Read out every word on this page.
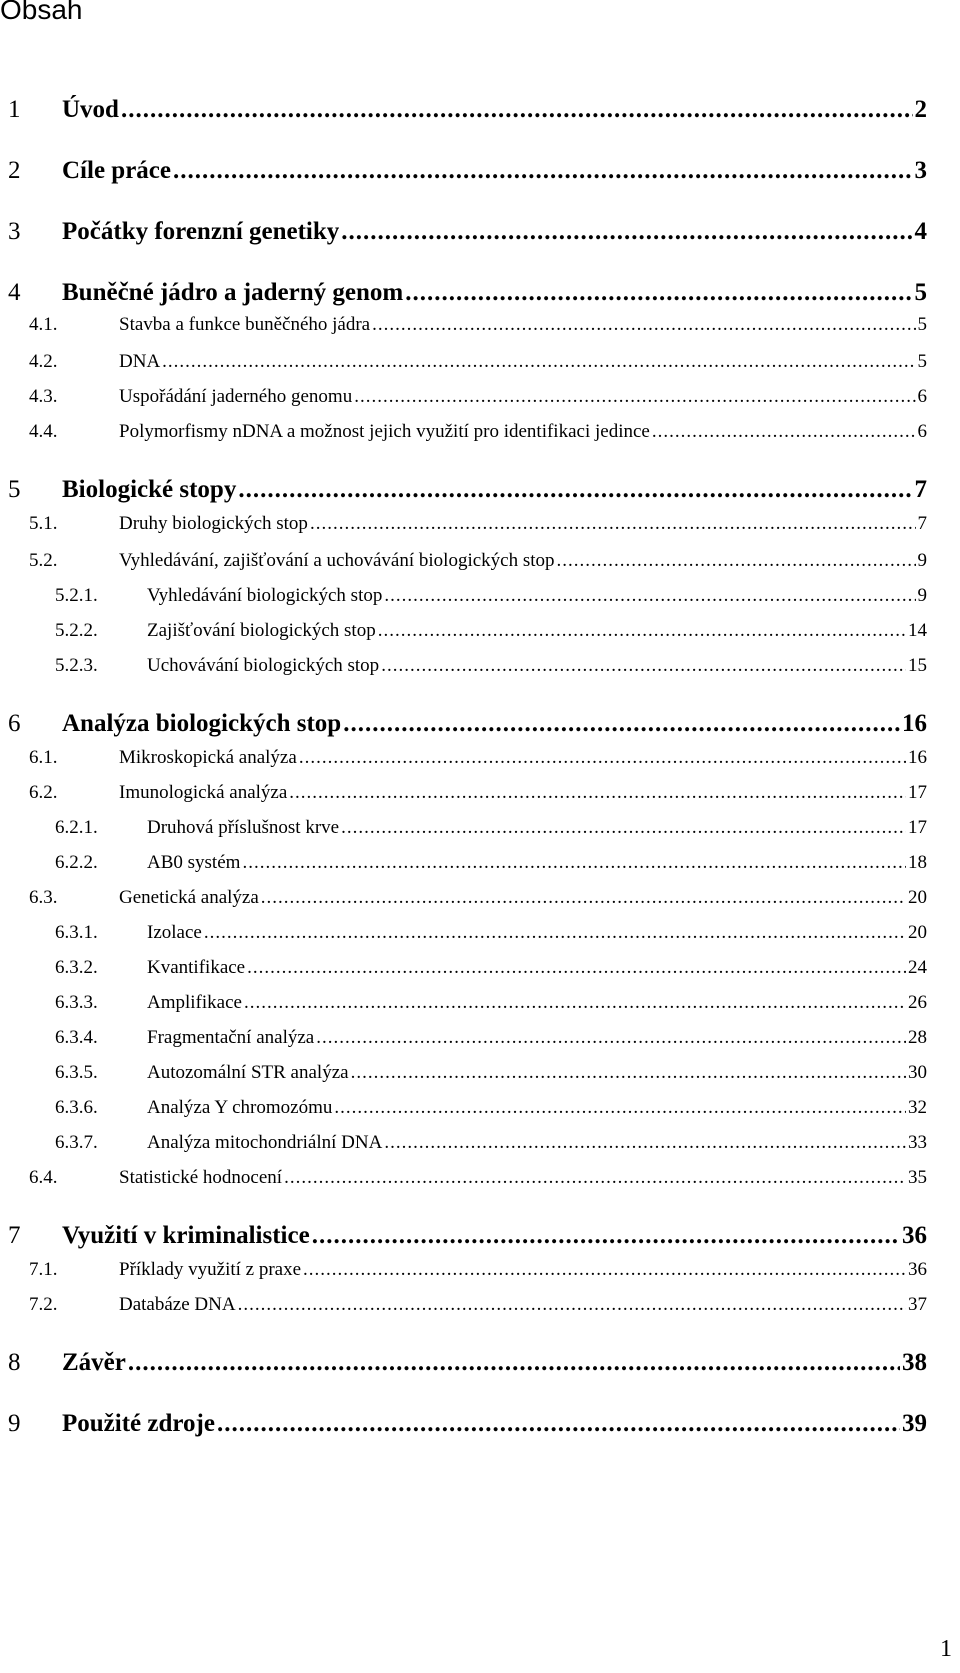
Obsah
1	Úvod .....	2
2	Cíle práce .....	3
3	Počátky forenzní genetiky .....	4
4	Buněčné jádro a jaderný genom .....	5
4.1.	Stavba a funkce buněčného jádra .....	5
4.2.	DNA .....	5
4.3.	Uspořádání jaderného genomu .....	6
4.4.	Polymorfismy nDNA a možnost jejich využití pro identifikaci jedince .....	6
5	Biologické stopy .....	7
5.1.	Druhy biologických stop .....	7
5.2.	Vyhledávání, zajišťování a uchovávání biologických stop .....	9
5.2.1.	Vyhledávání biologických stop .....	9
5.2.2.	Zajišťování biologických stop .....	14
5.2.3.	Uchovávání biologických stop .....	15
6	Analýza biologických stop .....	16
6.1.	Mikroskopická analýza .....	16
6.2.	Imunologická analýza .....	17
6.2.1.	Druhová příslušnost krve .....	17
6.2.2.	AB0 systém .....	18
6.3.	Genetická analýza .....	20
6.3.1.	Izolace .....	20
6.3.2.	Kvantifikace .....	24
6.3.3.	Amplifikace .....	26
6.3.4.	Fragmentační analýza .....	28
6.3.5.	Autozomální STR analýza .....	30
6.3.6.	Analýza Y chromozómu .....	32
6.3.7.	Analýza mitochondriální DNA .....	33
6.4.	Statistické hodnocení .....	35
7	Využití v kriminalistice .....	36
7.1.	Příklady využití z praxe .....	36
7.2.	Databáze DNA .....	37
8	Závěr .....	38
9	Použité zdroje .....	39
1
